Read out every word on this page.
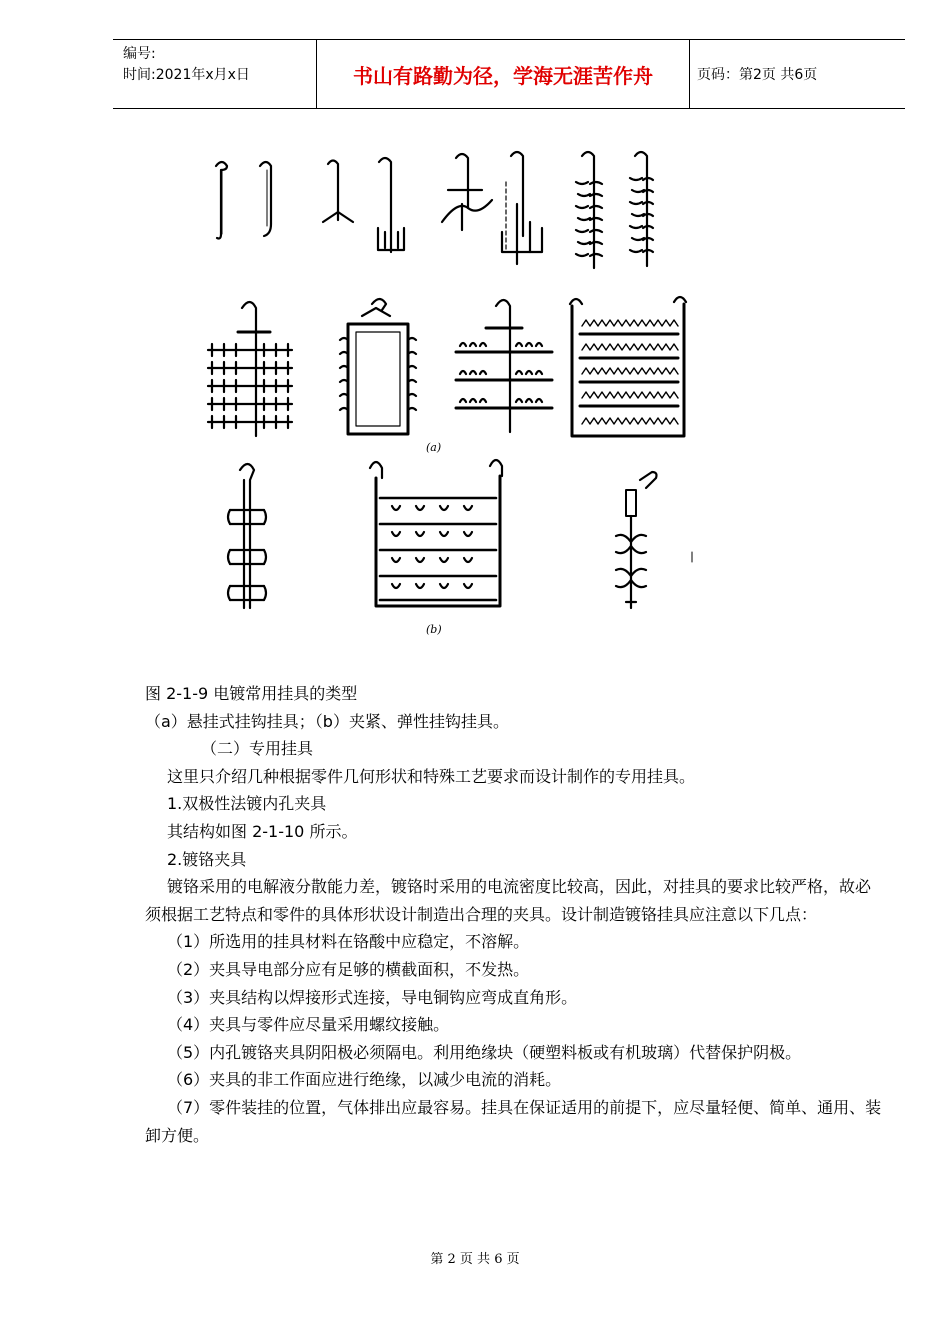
编号:
时间:2021年x月x日	书山有路勤为径，学海无涯苦作舟	页码：第2页 共6页
(a)
(b)

图 2-1-9 电镀常用挂具的类型

（a）悬挂式挂钩挂具；（b）夹紧、弹性挂钩挂具。

（二）专用挂具

这里只介绍几种根据零件几何形状和特殊工艺要求而设计制作的专用挂具。

1.双极性法镀内孔夹具

其结构如图 2-1-10 所示。

2.镀铬夹具

镀铬采用的电解液分散能力差，镀铬时采用的电流密度比较高，因此，对挂具的要求比较严格，故必须根据工艺特点和零件的具体形状设计制造出合理的夹具。设计制造镀铬挂具应注意以下几点：

（1）所选用的挂具材料在铬酸中应稳定，不溶解。

（2）夹具导电部分应有足够的横截面积，不发热。

（3）夹具结构以焊接形式连接，导电铜钩应弯成直角形。

（4）夹具与零件应尽量采用螺纹接触。

（5）内孔镀铬夹具阴阳极必须隔电。利用绝缘块（硬塑料板或有机玻璃）代替保护阴极。

（6）夹具的非工作面应进行绝缘，以减少电流的消耗。

（7）零件装挂的位置，气体排出应最容易。挂具在保证适用的前提下，应尽量轻便、简单、通用、装卸方便。

第 2 页 共 6 页
